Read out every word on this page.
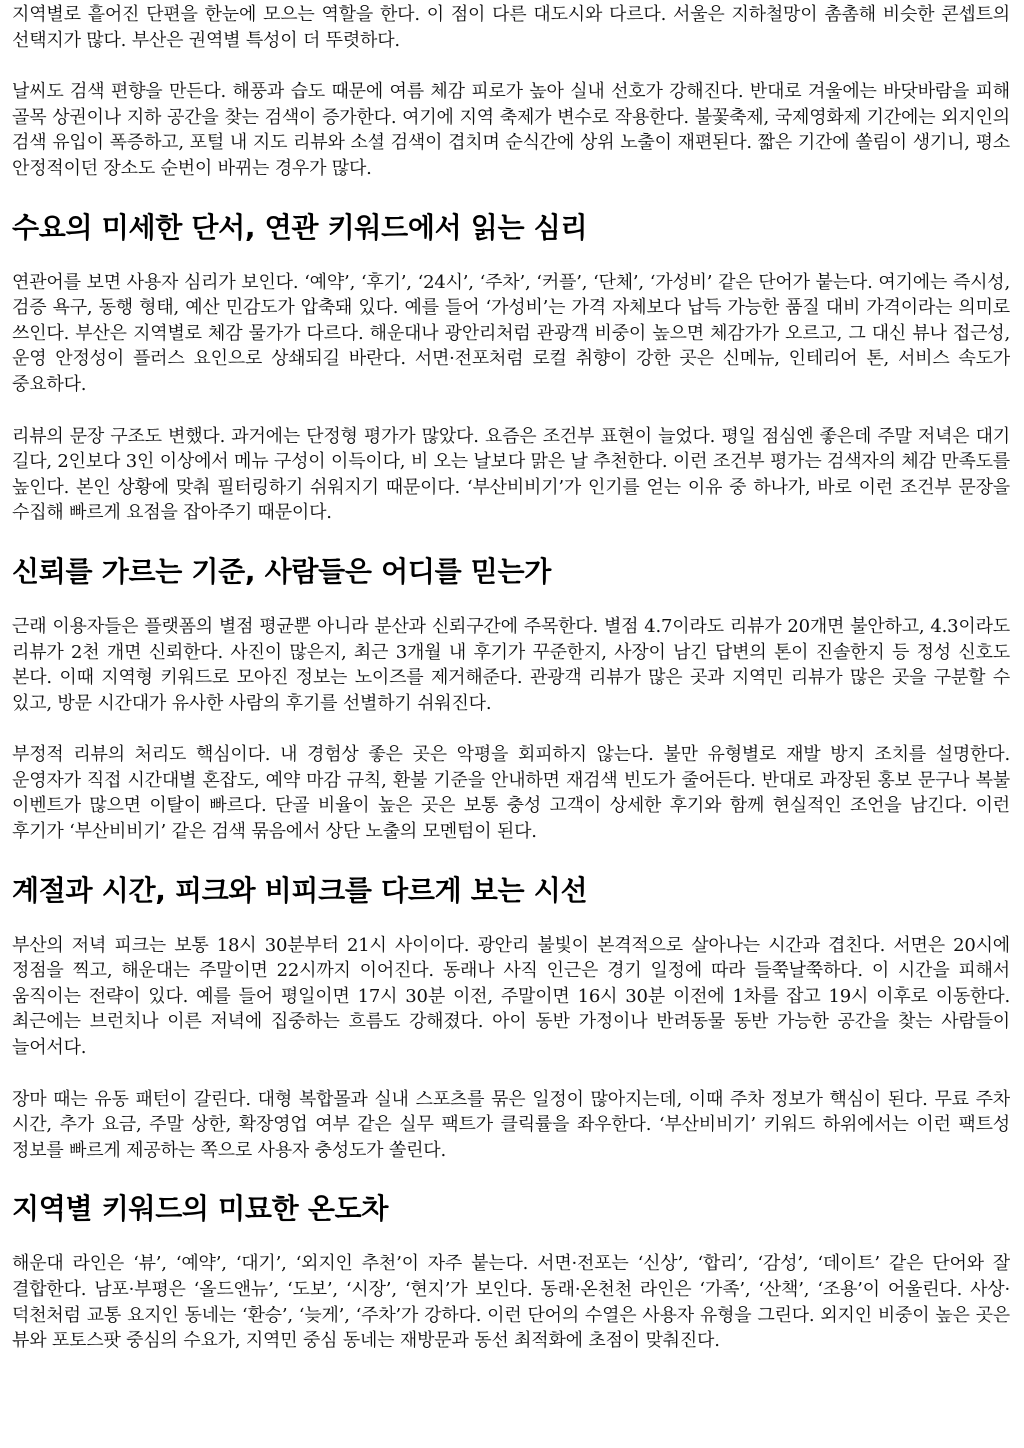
지역별로 흩어진 단편을 한눈에 모으는 역할을 한다. 이 점이 다른 대도시와 다르다. 서울은 지하철망이 촘촘해 비슷한 콘셉트의 선택지가 많다. 부산은 권역별 특성이 더 뚜렷하다.

날씨도 검색 편향을 만든다. 해풍과 습도 때문에 여름 체감 피로가 높아 실내 선호가 강해진다. 반대로 겨울에는 바닷바람을 피해 골목 상권이나 지하 공간을 찾는 검색이 증가한다. 여기에 지역 축제가 변수로 작용한다. 불꽃축제, 국제영화제 기간에는 외지인의 검색 유입이 폭증하고, 포털 내 지도 리뷰와 소셜 검색이 겹치며 순식간에 상위 노출이 재편된다. 짧은 기간에 쏠림이 생기니, 평소 안정적이던 장소도 순번이 바뀌는 경우가 많다.

수요의 미세한 단서, 연관 키워드에서 읽는 심리

연관어를 보면 사용자 심리가 보인다. ‘예약’, ‘후기’, ‘24시’, ‘주차’, ‘커플’, ‘단체’, ‘가성비’ 같은 단어가 붙는다. 여기에는 즉시성, 검증 욕구, 동행 형태, 예산 민감도가 압축돼 있다. 예를 들어 ‘가성비’는 가격 자체보다 납득 가능한 품질 대비 가격이라는 의미로 쓰인다. 부산은 지역별로 체감 물가가 다르다. 해운대나 광안리처럼 관광객 비중이 높으면 체감가가 오르고, 그 대신 뷰나 접근성, 운영 안정성이 플러스 요인으로 상쇄되길 바란다. 서면·전포처럼 로컬 취향이 강한 곳은 신메뉴, 인테리어 톤, 서비스 속도가 중요하다.

리뷰의 문장 구조도 변했다. 과거에는 단정형 평가가 많았다. 요즘은 조건부 표현이 늘었다. 평일 점심엔 좋은데 주말 저녁은 대기 길다, 2인보다 3인 이상에서 메뉴 구성이 이득이다, 비 오는 날보다 맑은 날 추천한다. 이런 조건부 평가는 검색자의 체감 만족도를 높인다. 본인 상황에 맞춰 필터링하기 쉬워지기 때문이다. ‘부산비비기’가 인기를 얻는 이유 중 하나가, 바로 이런 조건부 문장을 수집해 빠르게 요점을 잡아주기 때문이다.

신뢰를 가르는 기준, 사람들은 어디를 믿는가

근래 이용자들은 플랫폼의 별점 평균뿐 아니라 분산과 신뢰구간에 주목한다. 별점 4.7이라도 리뷰가 20개면 불안하고, 4.3이라도 리뷰가 2천 개면 신뢰한다. 사진이 많은지, 최근 3개월 내 후기가 꾸준한지, 사장이 남긴 답변의 톤이 진솔한지 등 정성 신호도 본다. 이때 지역형 키워드로 모아진 정보는 노이즈를 제거해준다. 관광객 리뷰가 많은 곳과 지역민 리뷰가 많은 곳을 구분할 수 있고, 방문 시간대가 유사한 사람의 후기를 선별하기 쉬워진다.

부정적 리뷰의 처리도 핵심이다. 내 경험상 좋은 곳은 악평을 회피하지 않는다. 불만 유형별로 재발 방지 조치를 설명한다. 운영자가 직접 시간대별 혼잡도, 예약 마감 규칙, 환불 기준을 안내하면 재검색 빈도가 줄어든다. 반대로 과장된 홍보 문구나 복불 이벤트가 많으면 이탈이 빠르다. 단골 비율이 높은 곳은 보통 충성 고객이 상세한 후기와 함께 현실적인 조언을 남긴다. 이런 후기가 ‘부산비비기’ 같은 검색 묶음에서 상단 노출의 모멘텀이 된다.

계절과 시간, 피크와 비피크를 다르게 보는 시선

부산의 저녁 피크는 보통 18시 30분부터 21시 사이이다. 광안리 불빛이 본격적으로 살아나는 시간과 겹친다. 서면은 20시에 정점을 찍고, 해운대는 주말이면 22시까지 이어진다. 동래나 사직 인근은 경기 일정에 따라 들쭉날쭉하다. 이 시간을 피해서 움직이는 전략이 있다. 예를 들어 평일이면 17시 30분 이전, 주말이면 16시 30분 이전에 1차를 잡고 19시 이후로 이동한다. 최근에는 브런치나 이른 저녁에 집중하는 흐름도 강해졌다. 아이 동반 가정이나 반려동물 동반 가능한 공간을 찾는 사람들이 늘어서다.

장마 때는 유동 패턴이 갈린다. 대형 복합몰과 실내 스포츠를 묶은 일정이 많아지는데, 이때 주차 정보가 핵심이 된다. 무료 주차 시간, 추가 요금, 주말 상한, 확장영업 여부 같은 실무 팩트가 클릭률을 좌우한다. ‘부산비비기’ 키워드 하위에서는 이런 팩트성 정보를 빠르게 제공하는 쪽으로 사용자 충성도가 쏠린다.

지역별 키워드의 미묘한 온도차

해운대 라인은 ‘뷰’, ‘예약’, ‘대기’, ‘외지인 추천’이 자주 붙는다. 서면·전포는 ‘신상’, ‘합리’, ‘감성’, ‘데이트’ 같은 단어와 잘 결합한다. 남포·부평은 ‘올드앤뉴’, ‘도보’, ‘시장’, ‘현지’가 보인다. 동래·온천천 라인은 ‘가족’, ‘산책’, ‘조용’이 어울린다. 사상·덕천처럼 교통 요지인 동네는 ‘환승’, ‘늦게’, ‘주차’가 강하다. 이런 단어의 수열은 사용자 유형을 그린다. 외지인 비중이 높은 곳은 뷰와 포토스팟 중심의 수요가, 지역민 중심 동네는 재방문과 동선 최적화에 초점이 맞춰진다.
